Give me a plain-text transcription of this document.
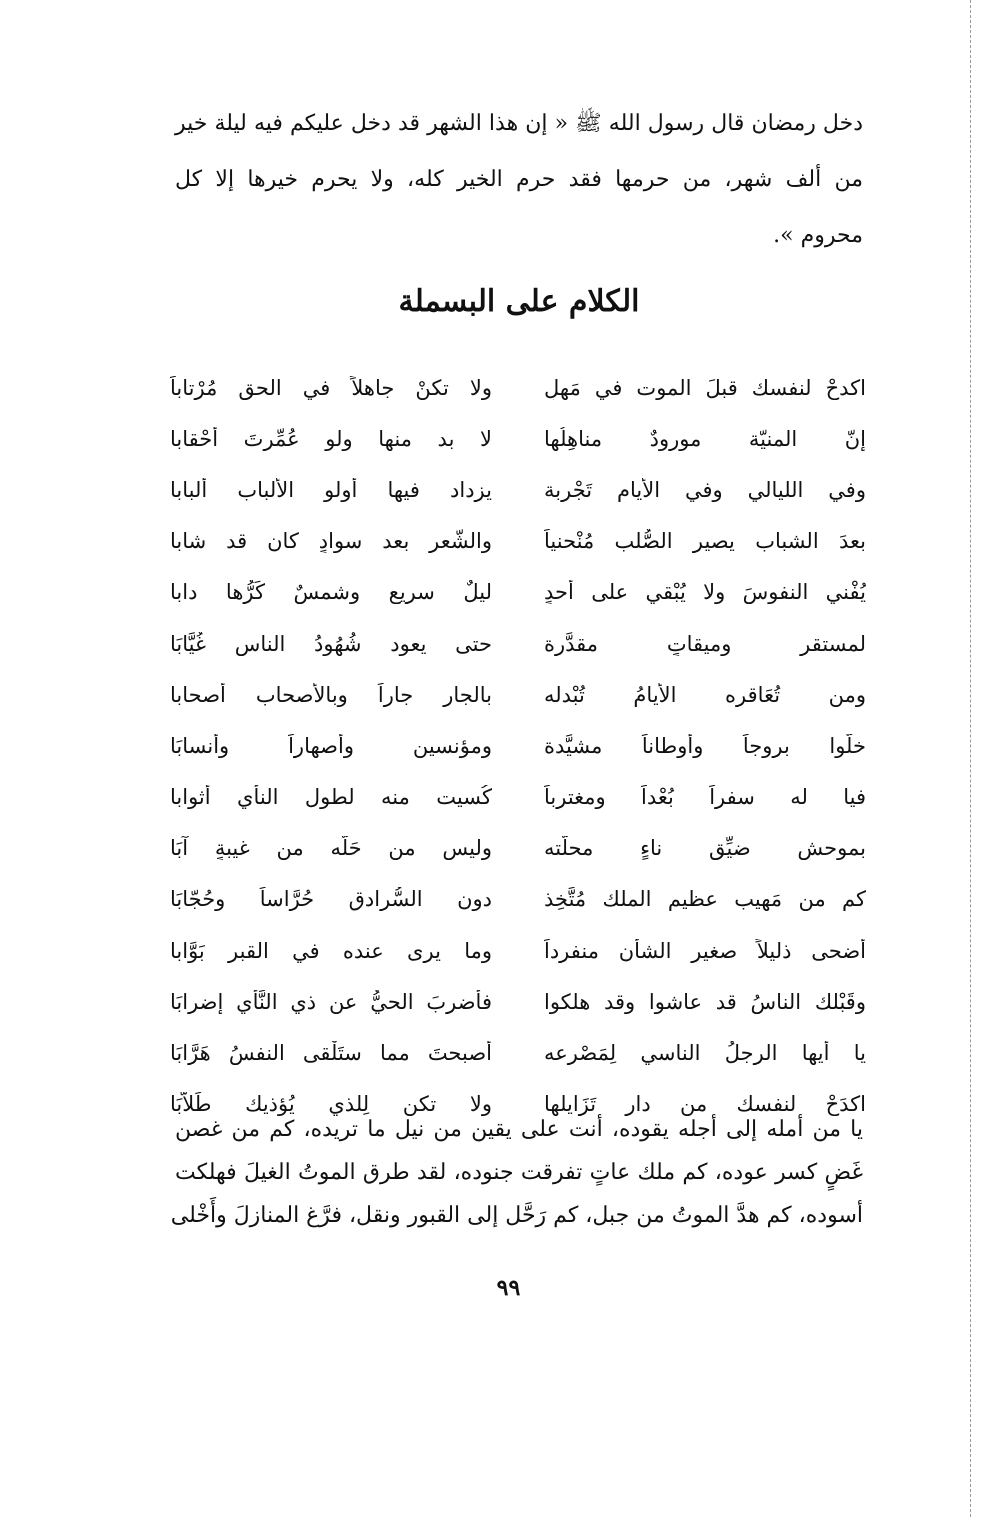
دخل رمضان قال رسول الله ﷺ « إن هذا الشهر قد دخل عليكم فيه ليلة خير
من ألف شهر، من حرمها فقد حرم الخير كله، ولا يحرم خيرها إلا كل
محروم ».
الكلام على البسملة
اكدحْ لنفسك قبلَ الموت في مَهلٍ
ولا تكنْ جاهلاً في الحق مُرْتاباً
إنّ المنيّة موروِدٌ مناهِلُها
لا بد منها ولو عُمِّرتَ أحْقابا
وفي الليالي وفي الأيام تَجْربة
يزداد فيها أولو الألباب ألبابا
بعدَ الشباب يصير الصُّلب مُنْحنياً
والشَّعر بعد سوادٍ كان قد شابا
يُفْني النفوسَ ولا يُبْقي على أحدٍ
ليلٌ سريع وشمسٌ كَرُّها دابا
لمستقرٍ وميقاتٍ مقدَّرة
حتى يعود شُهُودُ الناس غُيَّابَا
ومن تُعَاقره الأيامُ تُبْدله
بالجارِ جاراً وبالأصحاب أصحابا
خلّوا بروجاً وأوطاناً مشيَّدة
ومؤنسين وأصهاراً وأنسابَا
فيا له سفراً بُعْداً ومغترباً
كُسيت منه لطول النأي أثوابا
بموحش ضيِّق ناءٍ محلّته
وليس من حَلَّه من غيبةٍ آبَا
كم من مَهيب عظيم الملك مُتَّخِذ
دون السُّرادق حُرَّاساً وحُجّابَا
أضحى ذليلاً صغير الشأن منفرداً
وما يرى عنده في القبر بَوَّابا
وقَبْلك الناسُ قد عاشوا وقد هلكوا
فأضربَ الحيُّ عن ذي النَّأي إضرابَا
يا أيها الرجلُ الناسي لِمَصْرعه
أصبحتَ مما ستَلْقى النفسُ هَرَّابَا
اكدَحْ لنفسك من دارٍ تَزَايلها
ولا تكن لِلذي يُؤذيك طَلاَّبَا
يا من أمله إلى أجله يقوده، أنت على يقين من نيل ما تريده، كم من غصن
غَضٍ كسر عوده، كم ملك عاتٍ تفرقت جنوده، لقد طرق الموتُ الغيلَ فهلكت
أسوده، كم هدَّ الموتُ من جبل، كم رَحَّل إلى القبور ونقل، فرَّغ المنازلَ وأَخْلى
٩٩
